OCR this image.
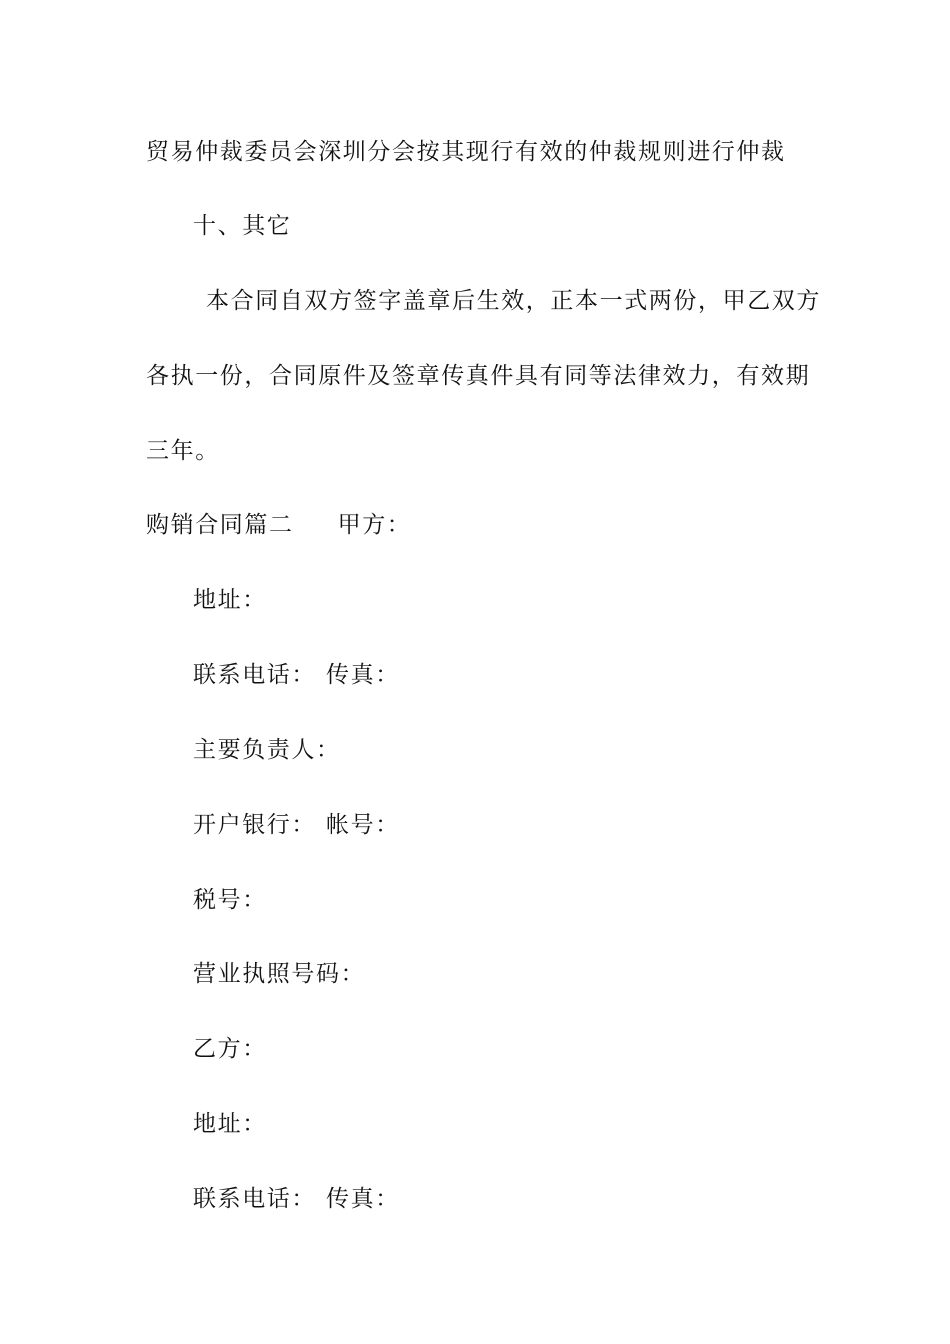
贸易仲裁委员会深圳分会按其现行有效的仲裁规则进行仲裁
十、其它
本合同自双方签字盖章后生效，正本一式两份，甲乙双方
各执一份，合同原件及签章传真件具有同等法律效力，有效期
三年。
购销合同篇二 甲方：
地址：
联系电话： 传真：
主要负责人：
开户银行： 帐号：
税号：
营业执照号码：
乙方：
地址：
联系电话： 传真：
